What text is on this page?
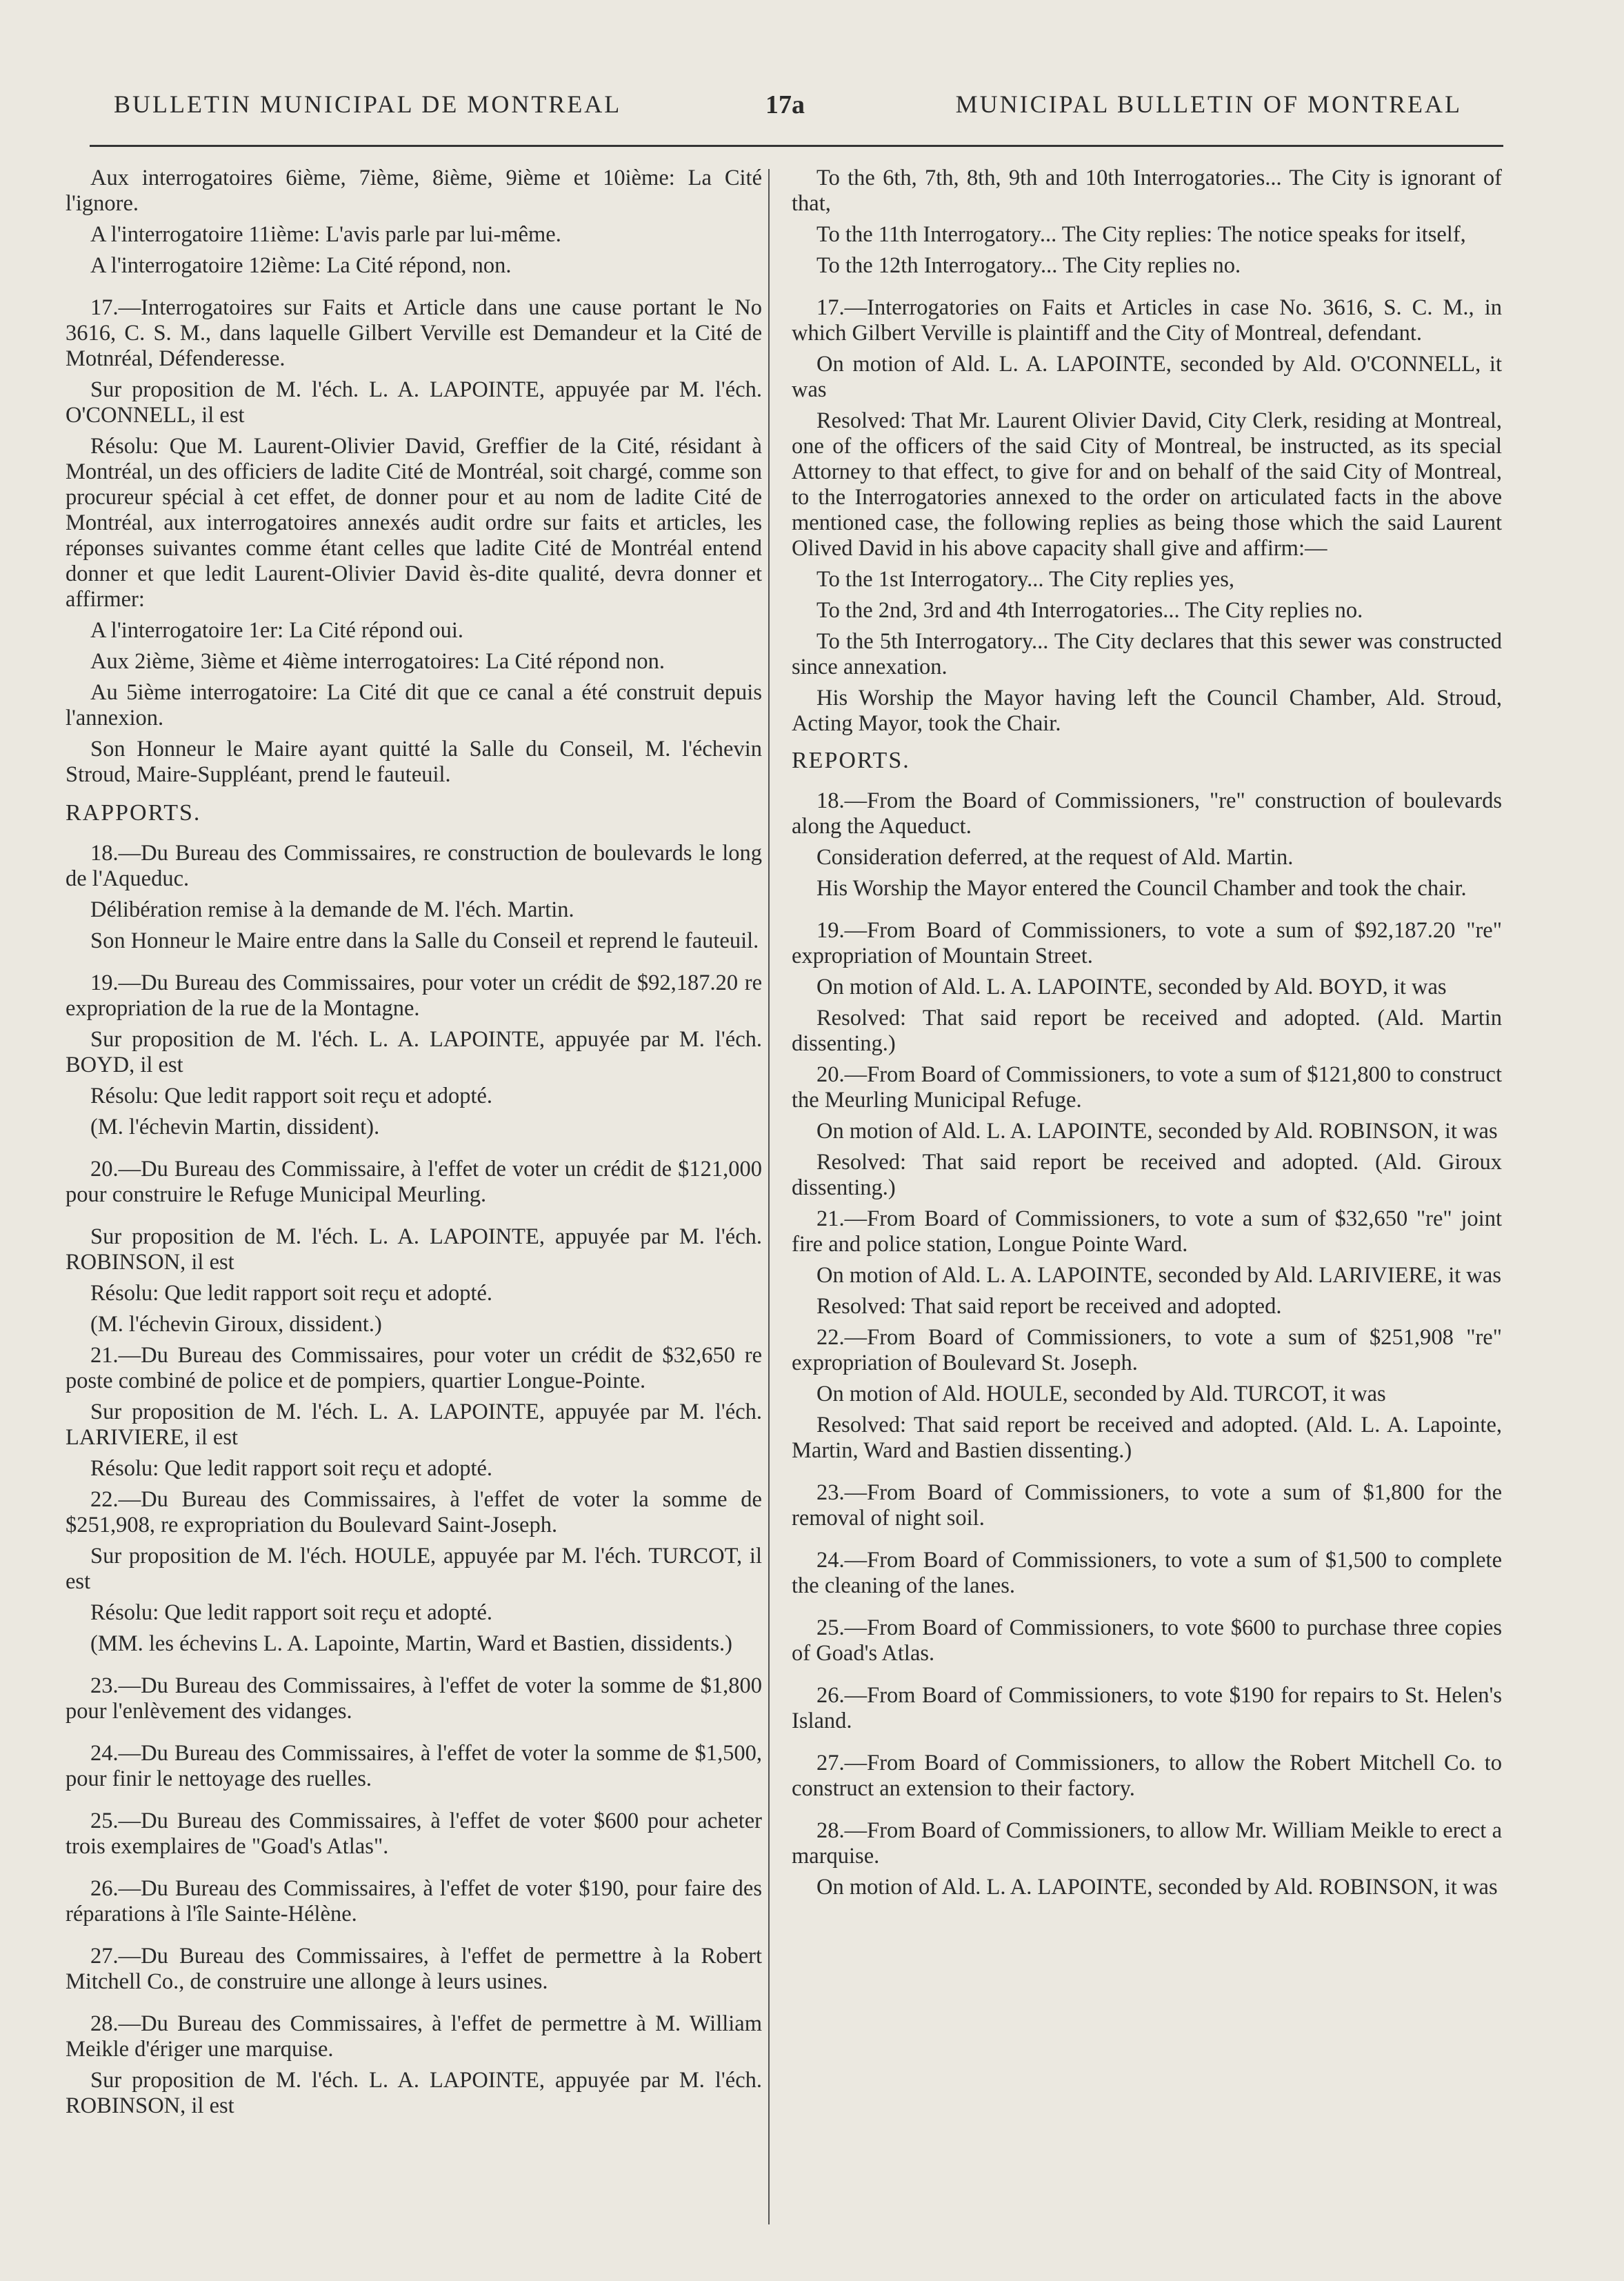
BULLETIN MUNICIPAL DE MONTREAL	17a	MUNICIPAL BULLETIN OF MONTREAL

Aux interrogatoires 6ième, 7ième, 8ième, 9ième et 10ième: La Cité l'ignore.

A l'interrogatoire 11ième: L'avis parle par lui-même.

A l'interrogatoire 12ième: La Cité répond, non.

17.—Interrogatoires sur Faits et Article dans une cause portant le No 3616, C. S. M., dans laquelle Gilbert Verville est Demandeur et la Cité de Motnréal, Défenderesse.

Sur proposition de M. l'éch. L. A. LAPOINTE, appuyée par M. l'éch. O'CONNELL, il est

Résolu: Que M. Laurent-Olivier David, Greffier de la Cité, résidant à Montréal, un des officiers de ladite Cité de Montréal, soit chargé, comme son procureur spécial à cet effet, de donner pour et au nom de ladite Cité de Montréal, aux interrogatoires annexés audit ordre sur faits et articles, les réponses suivantes comme étant celles que ladite Cité de Montréal entend donner et que ledit Laurent-Olivier David ès-dite qualité, devra donner et affirmer:

A l'interrogatoire 1er: La Cité répond oui.

Aux 2ième, 3ième et 4ième interrogatoires: La Cité répond non.

Au 5ième interrogatoire: La Cité dit que ce canal a été construit depuis l'annexion.

Son Honneur le Maire ayant quitté la Salle du Conseil, M. l'échevin Stroud, Maire-Suppléant, prend le fauteuil.

RAPPORTS.

18.—Du Bureau des Commissaires, re construction de boulevards le long de l'Aqueduc.

Délibération remise à la demande de M. l'éch. Martin.

Son Honneur le Maire entre dans la Salle du Conseil et reprend le fauteuil.

19.—Du Bureau des Commissaires, pour voter un crédit de $92,187.20 re expropriation de la rue de la Montagne.

Sur proposition de M. l'éch. L. A. LAPOINTE, appuyée par M. l'éch. BOYD, il est

Résolu: Que ledit rapport soit reçu et adopté.

(M. l'échevin Martin, dissident).

20.—Du Bureau des Commissaire, à l'effet de voter un crédit de $121,000 pour construire le Refuge Municipal Meurling.

Sur proposition de M. l'éch. L. A. LAPOINTE, appuyée par M. l'éch. ROBINSON, il est

Résolu: Que ledit rapport soit reçu et adopté.

(M. l'échevin Giroux, dissident.)

21.—Du Bureau des Commissaires, pour voter un crédit de $32,650 re poste combiné de police et de pompiers, quartier Longue-Pointe.

Sur proposition de M. l'éch. L. A. LAPOINTE, appuyée par M. l'éch. LARIVIERE, il est

Résolu: Que ledit rapport soit reçu et adopté.

22.—Du Bureau des Commissaires, à l'effet de voter la somme de $251,908, re expropriation du Boulevard Saint-Joseph.

Sur proposition de M. l'éch. HOULE, appuyée par M. l'éch. TURCOT, il est

Résolu: Que ledit rapport soit reçu et adopté.

(MM. les échevins L. A. Lapointe, Martin, Ward et Bastien, dissidents.)

23.—Du Bureau des Commissaires, à l'effet de voter la somme de $1,800 pour l'enlèvement des vidanges.

24.—Du Bureau des Commissaires, à l'effet de voter la somme de $1,500, pour finir le nettoyage des ruelles.

25.—Du Bureau des Commissaires, à l'effet de voter $600 pour acheter trois exemplaires de "Goad's Atlas".

26.—Du Bureau des Commissaires, à l'effet de voter $190, pour faire des réparations à l'île Sainte-Hélène.

27.—Du Bureau des Commissaires, à l'effet de permettre à la Robert Mitchell Co., de construire une allonge à leurs usines.

28.—Du Bureau des Commissaires, à l'effet de permettre à M. William Meikle d'ériger une marquise.

Sur proposition de M. l'éch. L. A. LAPOINTE, appuyée par M. l'éch. ROBINSON, il est

To the 6th, 7th, 8th, 9th and 10th Interrogatories... The City is ignorant of that,

To the 11th Interrogatory... The City replies: The notice speaks for itself,

To the 12th Interrogatory... The City replies no.

17.—Interrogatories on Faits et Articles in case No. 3616, S. C. M., in which Gilbert Verville is plaintiff and the City of Montreal, defendant.

On motion of Ald. L. A. LAPOINTE, seconded by Ald. O'CONNELL, it was

Resolved: That Mr. Laurent Olivier David, City Clerk, residing at Montreal, one of the officers of the said City of Montreal, be instructed, as its special Attorney to that effect, to give for and on behalf of the said City of Montreal, to the Interrogatories annexed to the order on articulated facts in the above mentioned case, the following replies as being those which the said Laurent Olived David in his above capacity shall give and affirm:—

To the 1st Interrogatory... The City replies yes,

To the 2nd, 3rd and 4th Interrogatories... The City replies no.

To the 5th Interrogatory... The City declares that this sewer was constructed since annexation.

His Worship the Mayor having left the Council Chamber, Ald. Stroud, Acting Mayor, took the Chair.

REPORTS.

18.—From the Board of Commissioners, "re" construction of boulevards along the Aqueduct.

Consideration deferred, at the request of Ald. Martin.

His Worship the Mayor entered the Council Chamber and took the chair.

19.—From Board of Commissioners, to vote a sum of $92,187.20 "re" expropriation of Mountain Street.

On motion of Ald. L. A. LAPOINTE, seconded by Ald. BOYD, it was

Resolved: That said report be received and adopted. (Ald. Martin dissenting.)

20.—From Board of Commissioners, to vote a sum of $121,800 to construct the Meurling Municipal Refuge.

On motion of Ald. L. A. LAPOINTE, seconded by Ald. ROBINSON, it was

Resolved: That said report be received and adopted. (Ald. Giroux dissenting.)

21.—From Board of Commissioners, to vote a sum of $32,650 "re" joint fire and police station, Longue Pointe Ward.

On motion of Ald. L. A. LAPOINTE, seconded by Ald. LARIVIERE, it was

Resolved: That said report be received and adopted.

22.—From Board of Commissioners, to vote a sum of $251,908 "re" expropriation of Boulevard St. Joseph.

On motion of Ald. HOULE, seconded by Ald. TURCOT, it was

Resolved: That said report be received and adopted. (Ald. L. A. Lapointe, Martin, Ward and Bastien dissenting.)

23.—From Board of Commissioners, to vote a sum of $1,800 for the removal of night soil.

24.—From Board of Commissioners, to vote a sum of $1,500 to complete the cleaning of the lanes.

25.—From Board of Commissioners, to vote $600 to purchase three copies of Goad's Atlas.

26.—From Board of Commissioners, to vote $190 for repairs to St. Helen's Island.

27.—From Board of Commissioners, to allow the Robert Mitchell Co. to construct an extension to their factory.

28.—From Board of Commissioners, to allow Mr. William Meikle to erect a marquise.

On motion of Ald. L. A. LAPOINTE, seconded by Ald. ROBINSON, it was
